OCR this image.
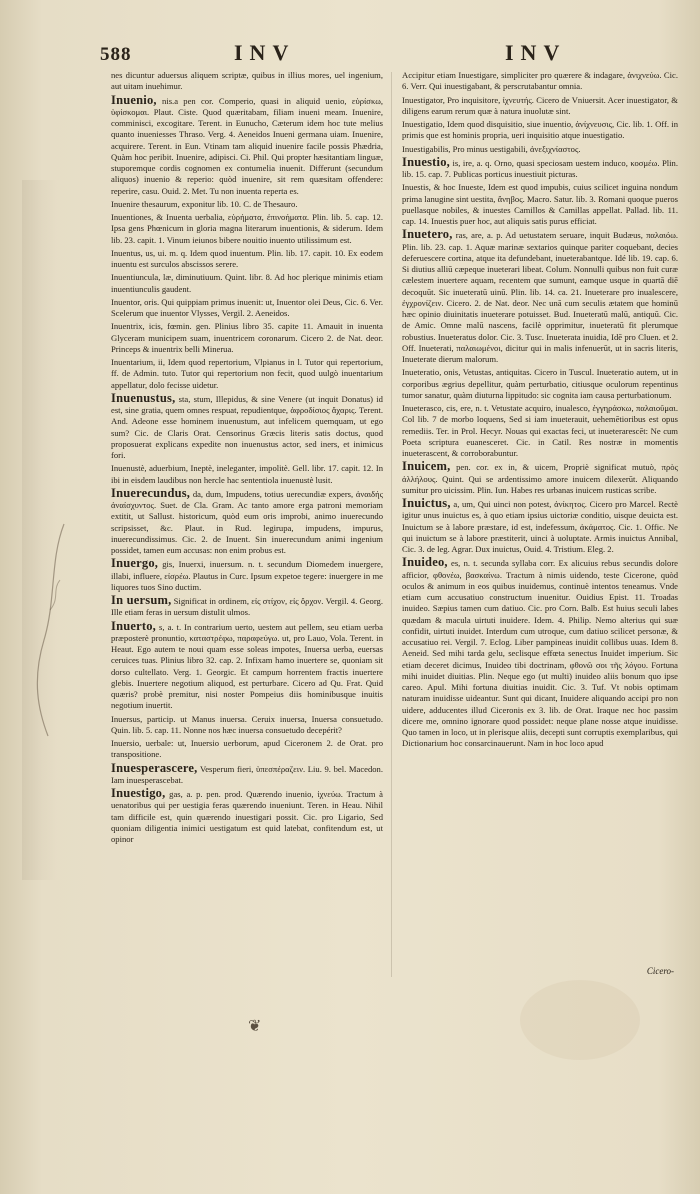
588	INV	INV

nes dicuntur aduersus aliquem scriptæ, quibus in illius mores, uel ingenium, aut uitam inuehimur.

Inuenio, nis.a pen cor. Comperio, quasi in aliquid uenio, εὑρίσκω, ὑφίσκομαι. Plaut. Ciste. Quod quæritabam, filiam inueni meam. Inuenire, comminisci, excogitare. Terent. in Eunucho, Cæterum idem hoc tute melius quanto inueniesses Thraso. Verg. 4. Aeneidos Inueni germana uiam. Inuenire, acquirere. Terent. in Eun. Vtinam tam aliquid inuenire facile possis Phædria, Quàm hoc peribit. Inuenire, adipisci. Ci. Phil. Qui propter hæsitantiam linguæ, stuporemque cordis cognomen ex contumelia inuenit. Differunt (secundum aliquos) inuenio & reperio: quòd inuenire, sit rem quæsitam offendere: reperire, casu. Ouid. 2. Met. Tu non inuenta reperta es.

Inuenire thesaurum, exponitur lib. 10. C. de Thesauro.

Inuentiones, & Inuenta uerbalia, εὑρήματα, ἐπινοήματα. Plin. lib. 5. cap. 12. Ipsa gens Phœnicum in gloria magna literarum inuentionis, & siderum. Idem lib. 23. capit. 1. Vinum ieiunos bibere nouitio inuento utilissimum est.

Inuentus, us, ui. m. q. Idem quod inuentum. Plin. lib. 17. capit. 10. Ex eodem inuentu est surculos abscissos serere.

Inuentiuncula, læ, diminutiuum. Quint. libr. 8. Ad hoc plerique minimis etiam inuentiunculis gaudent.

Inuentor, oris. Qui quippiam primus inuenit: ut, Inuentor olei Deus, Cic. 6. Ver. Scelerum que inuentor Vlysses, Vergil. 2. Aeneidos.

Inuentrix, icis, fœmin. gen. Plinius libro 35. capite 11. Amauit in inuenta Glyceram municipem suam, inuentricem coronarum. Cicero 2. de Nat. deor. Princeps & inuentrix belli Minerua.

Inuentarium, ii, Idem quod repertorium, Vlpianus in l. Tutor qui repertorium, ff. de Admin. tuto. Tutor qui repertorium non fecit, quod uulgò inuentarium appellatur, dolo fecisse uidetur.

Inuenustus, sta, stum, Illepidus, & sine Venere (ut inquit Donatus) id est, sine gratia, quem omnes respuat, repudientque, ἀφροδίσιος ἄχαρις. Terent. And. Adeone esse hominem inuenustum, aut infelicem quemquam, ut ego sum? Cic. de Claris Orat. Censorinus Græcis literis satis doctus, quod proposuerat explicans expedite non inuenustus actor, sed iners, et inimicus fori.

Inuenustè, aduerbium, Ineptè, ineleganter, impolitè. Gell. libr. 17. capit. 12. In ibi in eisdem laudibus non hercle hac sententiola inuenustè lusit.

Inuerecundus, da, dum, Impudens, totius uerecundiæ expers, ἀναιδής ἀναίσχυντος. Suet. de Cla. Gram. Ac tanto amore erga patroni memoriam extitit, ut Sallust. historicum, quòd eum oris improbi, animo inuerecundo scripsisset, &c. Plaut. in Rud. legirupa, impudens, impurus, inuerecundissimus. Cic. 2. de Inuent. Sin inuerecundum animi ingenium possidet, tamen eum accusas: non enim probus est.

Inuergo, gis, Inuerxi, inuersum. n. t. secundum Diomedem inuergere, illabi, influere, εἰσρέω. Plautus in Curc. Ipsum expetoe tegere: inuergere in me liquores tuos Sino ductim.

In uersum, Significat in ordinem, εἰς στίχον, εἰς ὄρχον. Vergil. 4. Georg. Ille etiam feras in uersum distulit ulmos.

Inuerto, s, a. t. In contrarium uerto, uestem aut pellem, seu etiam uerba præposterè pronuntio, καταστρέφω, παραφεύγω. ut, pro Lauo, Vola. Terent. in Heaut. Ego autem te noui quam esse soleas impotes, Inuersa uerba, euersas ceruices tuas. Plinius libro 32. cap. 2. Infixam hamo inuertere se, quoniam sit dorso cultellato. Verg. 1. Georgic. Et campum horrentem fractis inuertere glebis. Inuertere negotium aliquod, est perturbare. Cicero ad Qu. Frat. Quid quæris? probè premitur, nisi noster Pompeius diis hominibusque inuitis negotium inuertit.

Inuersus, particip. ut Manus inuersa. Ceruix inuersa, Inuersa consuetudo. Quin. lib. 5. cap. 11. Nonne nos hæc inuersa consuetudo decepérit?

Inuersio, uerbale: ut, Inuersio uerborum, apud Ciceronem 2. de Orat. pro transpositione.

Inuesperascere, Vesperum fieri, ὑπεσπέραζειν. Liu. 9. bel. Macedon. Iam inuesperascebat.

Inuestigo, gas, a. p. pen. prod. Quærendo inuenio, ἰχνεύω. Tractum à uenatoribus qui per uestigia feras quærendo inueniunt. Teren. in Heau. Nihil tam difficile est, quin quærendo inuestigari possit. Cic. pro Ligario, Sed quoniam diligentia inimici uestigatum est quid latebat, confitendum est, ut opinor

Accipitur etiam Inuestigare, simpliciter pro quærere & indagare, ἀνιχνεύω. Cic. 6. Verr. Qui inuestigabant, & perscrutabantur omnia.

Inuestigator, Pro inquisitore, ἰχνευτής. Cicero de Vniuersit. Acer inuestigator, & diligens earum rerum quæ à natura inuolutæ sint.

Inuestigatio, Idem quod disquisitio, siue inuentio, ἀνίχνευσις, Cic. lib. 1. Off. in primis que est hominis propria, ueri inquisitio atque inuestigatio.

Inuestigabilis, Pro minus uestigabili, ἀνεξιχνίαστος.

Inuestio, is, ire, a. q. Orno, quasi speciosam uestem induco, κοσμέω. Plin. lib. 15. cap. 7. Publicas porticus inuestiuit picturas.

Inuestis, & hoc Inueste, Idem est quod impubis, cuius scilicet inguina nondum prima lanugine sint uestita, ἄνηβος. Macro. Satur. lib. 3. Romani quoque pueros puellasque nobiles, & inuestes Camillos & Camillas appellat. Pallad. lib. 11. cap. 14. Inuestis puer hoc, aut aliquis satis purus efficiat.

Inuetero, ras, are, a. p. Ad uetustatem seruare, inquit Budæus, παλαιόω. Plin. lib. 23. cap. 1. Aquæ marinæ sextarios quinque pariter coquebant, decies deferuescere cortina, atque ita defundebant, inueterabantque. Idé lib. 19. cap. 6. Si diutius alliū cæpeque inueterari libeat. Colum. Nonnulli quibus non fuit curæ cælestem inuertere aquam, recentem que sumunt, eamque usque in quartā diē decoquūt. Sic inueteratū uinū. Plin. lib. 14. ca. 21. Inueterare pro inualescere, ἐγχρονίζειν. Cicero. 2. de Nat. deor. Nec unā cum seculis ætatem que hominū hæc opinio diuinitatis inueterare potuisset. Bud. Inueteratū malū, antiquū. Cic. de Amic. Omne malū nascens, facilè opprimitur, inueteratū fit plerumque robustius. Inueteratus dolor. Cic. 3. Tusc. Inueterata inuidia, Idē pro Cluen. et 2. Off. Inueterati, παλαιωμένοι, dicitur qui in malis infenuerūt, ut in sacris literis, Inueterate dierum malorum.

Inueteratio, onis, Vetustas, antiquitas. Cicero in Tuscul. Inueteratio autem, ut in corporibus ægrius depellitur, quàm perturbatio, citiusque oculorum repentinus tumor sanatur, quàm diuturna lippitudo: sic cognita iam causa perturbationum.

Inueterasco, cis, ere, n. t. Vetustate acquiro, inualesco, ἐγγηράσκω, παλαιοῦμαι. Col lib. 7 de morbo loquens, Sed si iam inueterauit, uehemētioribus est opus remediis. Ter. in Prol. Hecyr. Nouas qui exactas feci, ut inueterarescēt: Ne cum Poeta scriptura euanesceret. Cic. in Catil. Res nostræ in momentis inueterascent, & corroborabuntur.

Inuicem, pen. cor. ex in, & uicem, Propriè significat mutuò, πρὸς ἀλλήλους. Quint. Qui se ardentissimo amore inuicem dilexerūt. Aliquando sumitur pro uicissim. Plin. Iun. Habes res urbanas inuicem rusticas scribe.

Inuictus, a, um, Qui uinci non potest, ἀνίκητος. Cicero pro Marcel. Rectè igitur unus inuictus es, à quo etiam ipsius uictoriæ conditio, uisque deuicta est. Inuictum se à labore præstare, id est, indefessum, ἀκάματος. Cic. 1. Offic. Ne qui inuictum se à labore præstiterit, uinci à uoluptate. Armis inuictus Annibal, Cic. 3. de leg. Agrar. Dux inuictus, Ouid. 4. Tristium. Eleg. 2.

Inuideo, es, n. t. secunda syllaba corr. Ex alicuius rebus secundis dolore afficior, φθονέω, βασκαίνω. Tractum à nimis uidendo, teste Cicerone, quòd oculos & animum in eos quibus inuidemus, continuè intentos teneamus. Vnde etiam cum accusatiuo constructum inuenitur. Ouidius Epist. 11. Troadas inuideo. Sæpius tamen cum datiuo. Cic. pro Corn. Balb. Est huius seculi labes quædam & macula uirtuti inuidere. Idem. 4. Philip. Nemo alterius qui suæ confidit, uirtuti inuidet. Interdum cum utroque, cum datiuo scilicet personæ, & accusatiuo rei. Vergil. 7. Eclog. Liber pampineas inuidit collibus uuas. Idem 8. Aeneid. Sed mihi tarda gelu, seclisque effœta senectus Inuidet imperium. Sic etiam deceret dicimus, Inuideo tibi doctrinam, φθονῶ σοι τῆς λόγου. Fortuna mihi inuidet diuitias. Plin. Neque ego (ut multi) inuideo aliis bonum quo ipse careo. Apul. Mihi fortuna diuitias inuidit. Cic. 3. Tuf. Vt nobis optimam naturam inuidisse uideantur. Sunt qui dicant, Inuidere aliquando accipi pro non uidere, adducentes illud Ciceronis ex 3. lib. de Orat. Iraque nec hoc passim dicere me, omnino ignorare quod possidet: neque plane nosse atque inuidisse. Quo tamen in loco, ut in plerisque aliis, decepti sunt corruptis exemplaribus, qui Dictionarium hoc consarcinauerunt. Nam in hoc loco apud

Cicero-
❦
